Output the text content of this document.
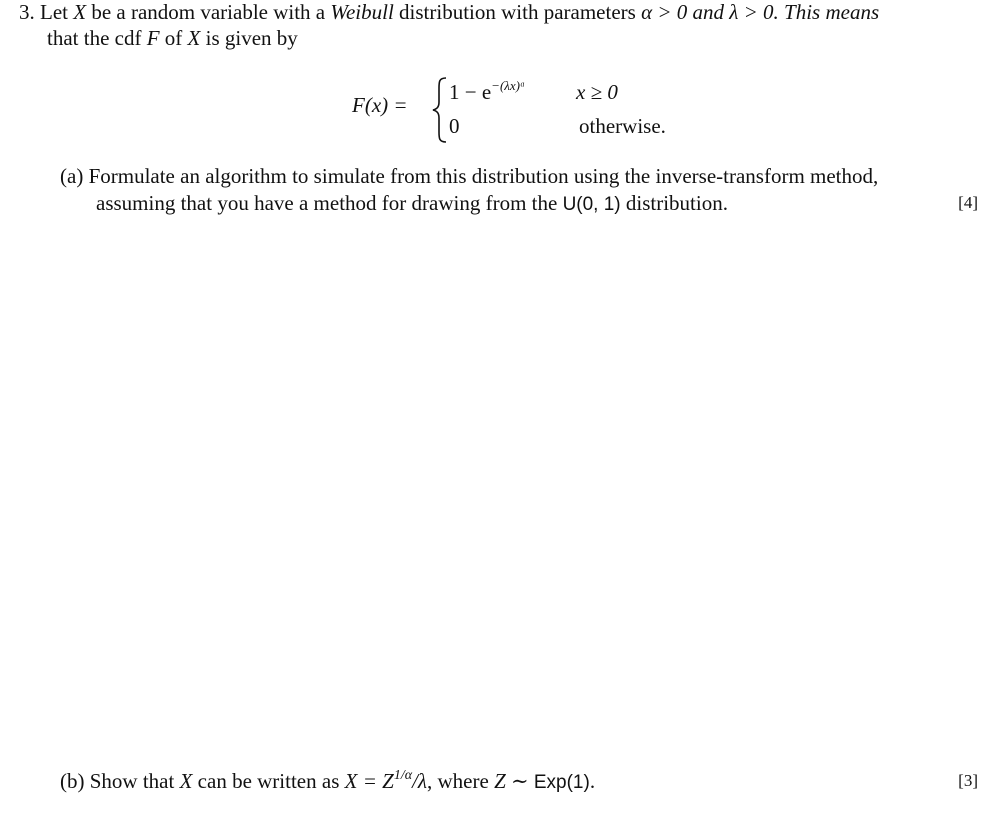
3. Let X be a random variable with a Weibull distribution with parameters α > 0 and λ > 0. This means
that the cdf F of X is given by
F(x) =
$1 - e^{-(\lambda x)ᵅ}$ x ≥ 0
0	otherwise.
(a) Formulate an algorithm to simulate from this distribution using the inverse-transform method,
assuming that you have a method for drawing from the U(0, 1) distribution.	[4]
(b) Show that X can be written as $X = Z^{1/\alpha}/\lambda$, where Z ∼ Exp(1).	[3]
